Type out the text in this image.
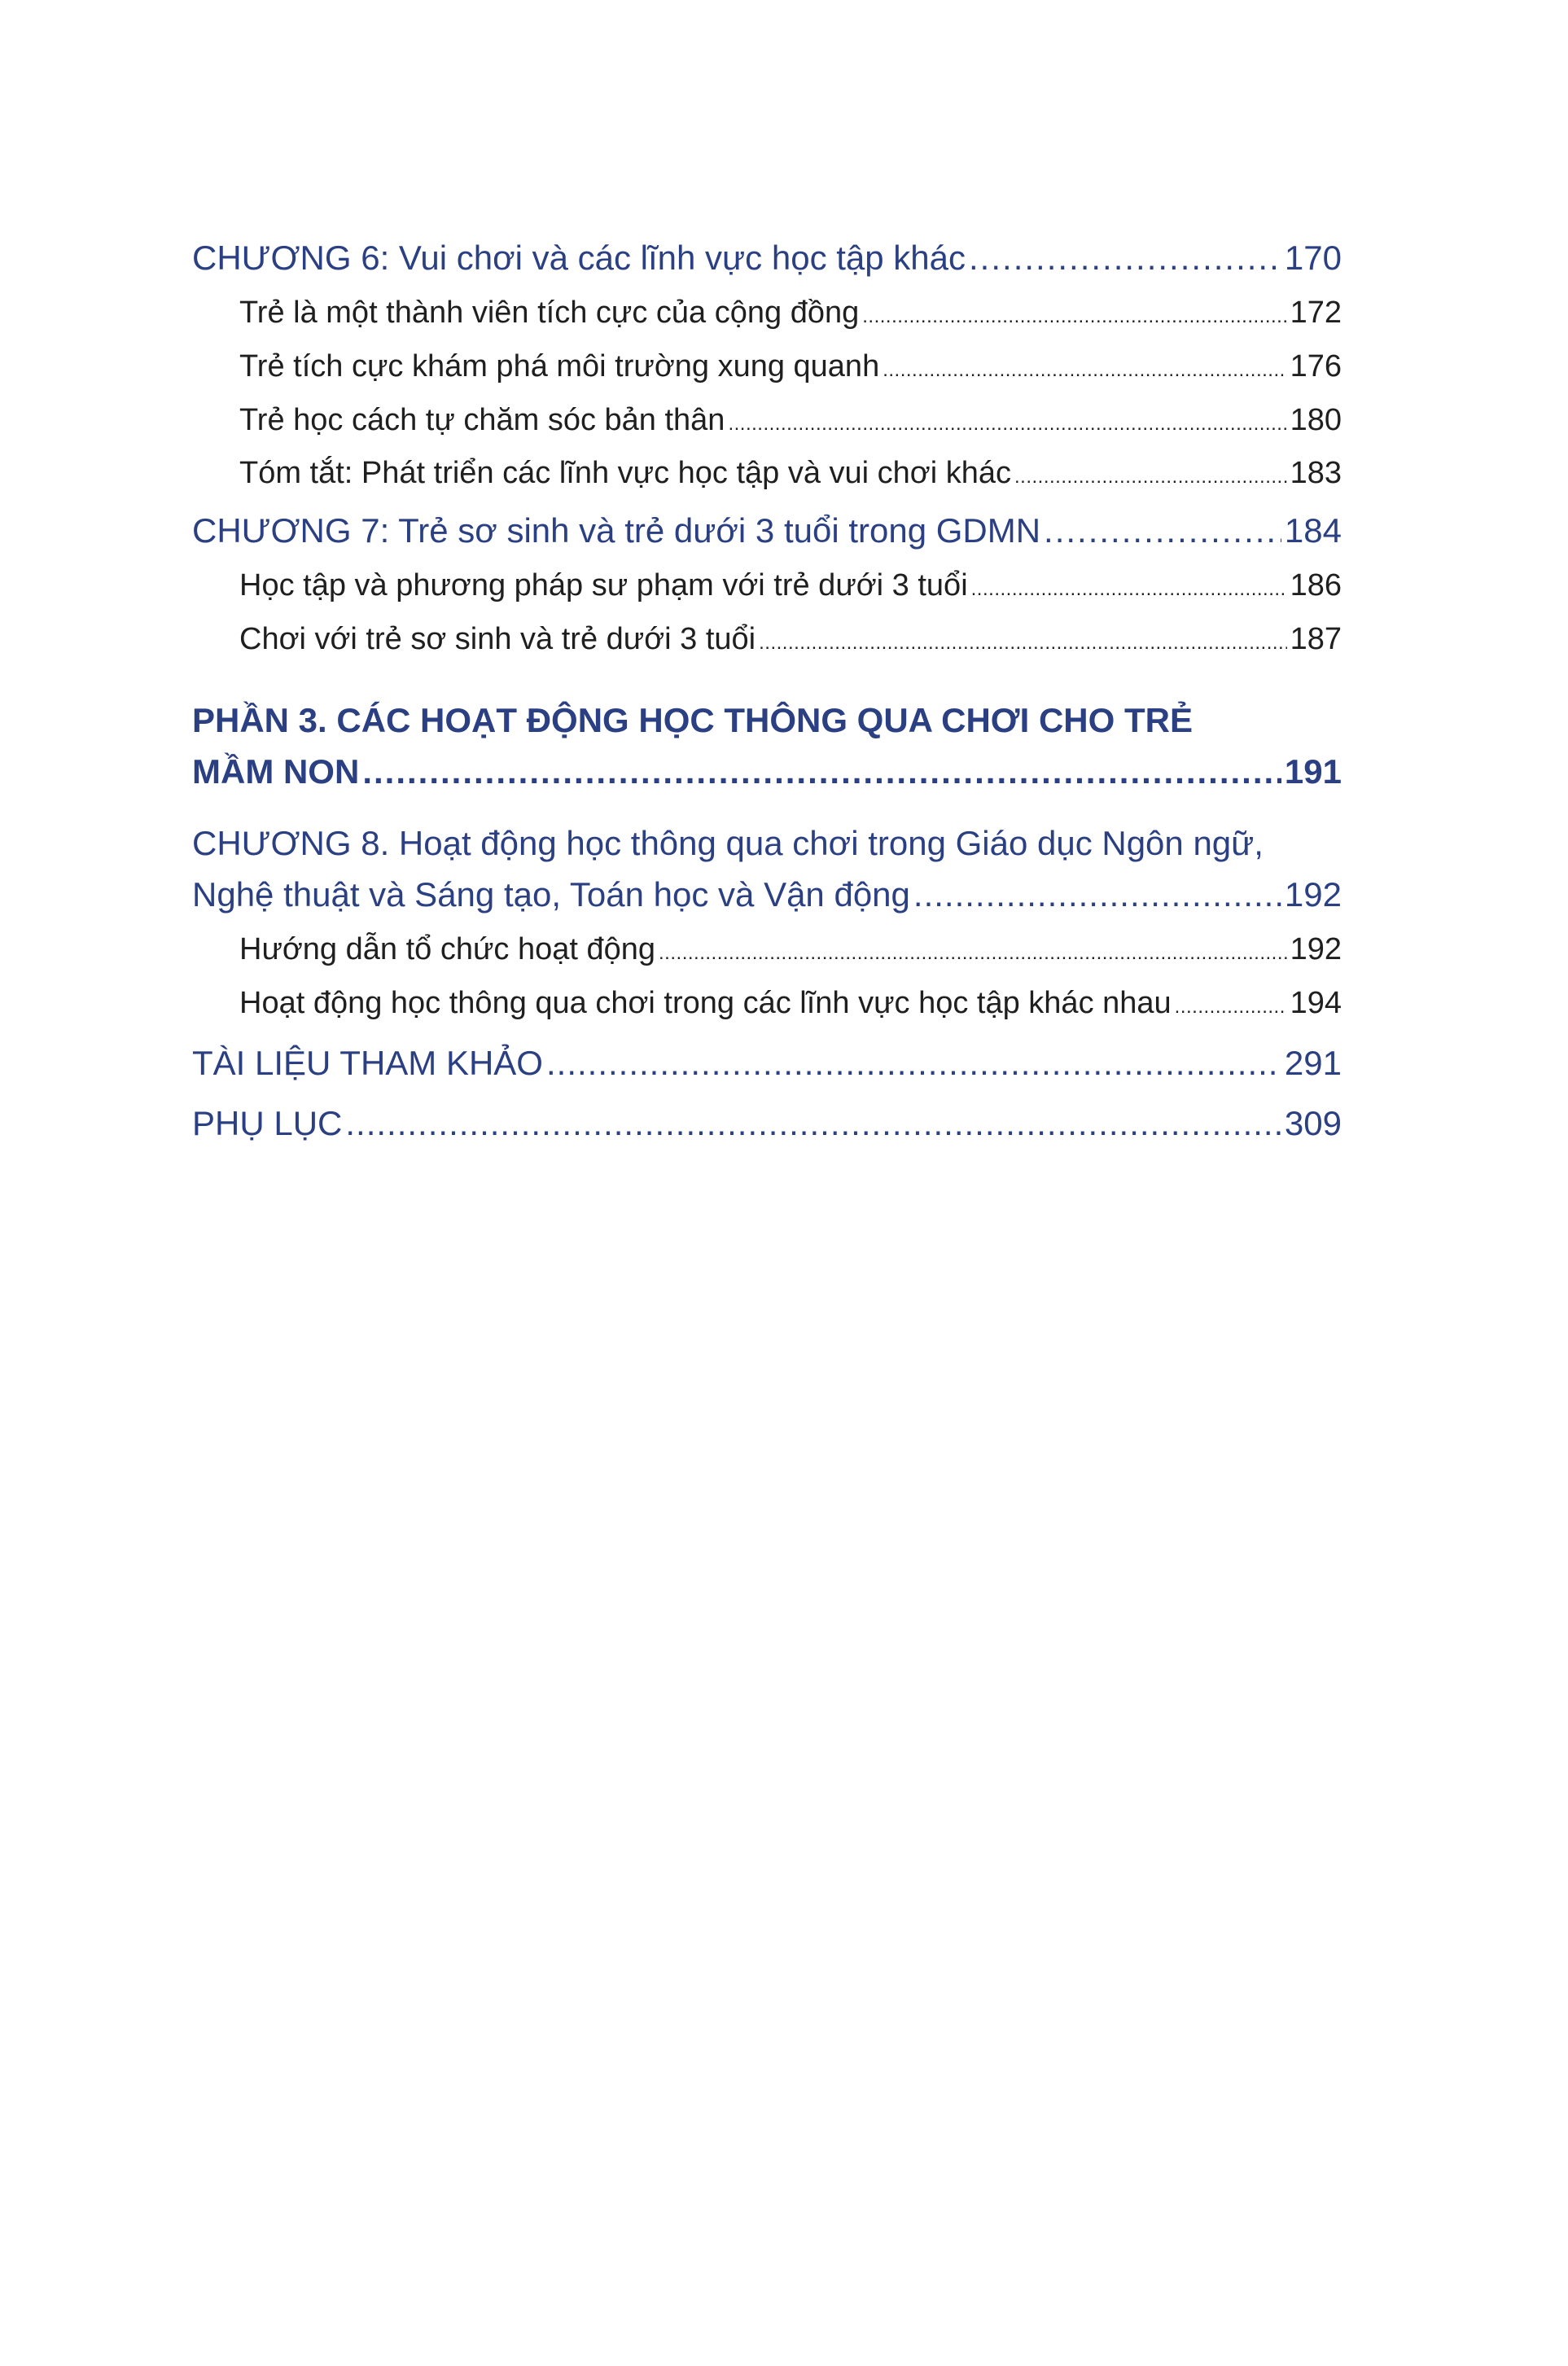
CHƯƠNG 6: Vui chơi và các lĩnh vực học tập khác .....	170
Trẻ là một thành viên tích cực của cộng đồng .....	172
Trẻ tích cực khám phá môi trường xung quanh .....	176
Trẻ học cách tự chăm sóc bản thân .....	180
Tóm tắt: Phát triển các lĩnh vực học tập và vui chơi khác .....	183
CHƯƠNG 7: Trẻ sơ sinh và trẻ dưới 3 tuổi trong GDMN .....	184
Học tập và phương pháp sư phạm với trẻ dưới 3 tuổi .....	186
Chơi với trẻ sơ sinh và trẻ dưới 3 tuổi .....	187
PHẦN 3. CÁC HOẠT ĐỘNG HỌC THÔNG QUA CHƠI CHO TRẺ
MẦM NON .....	191
CHƯƠNG 8. Hoạt động học thông qua chơi trong Giáo dục Ngôn ngữ,
Nghệ thuật và Sáng tạo, Toán học và Vận động .....	192
Hướng dẫn tổ chức hoạt động .....	192
Hoạt động học thông qua chơi trong các lĩnh vực học tập khác nhau .....	194
TÀI LIỆU THAM KHẢO .....	291
PHỤ LỤC .....	309
